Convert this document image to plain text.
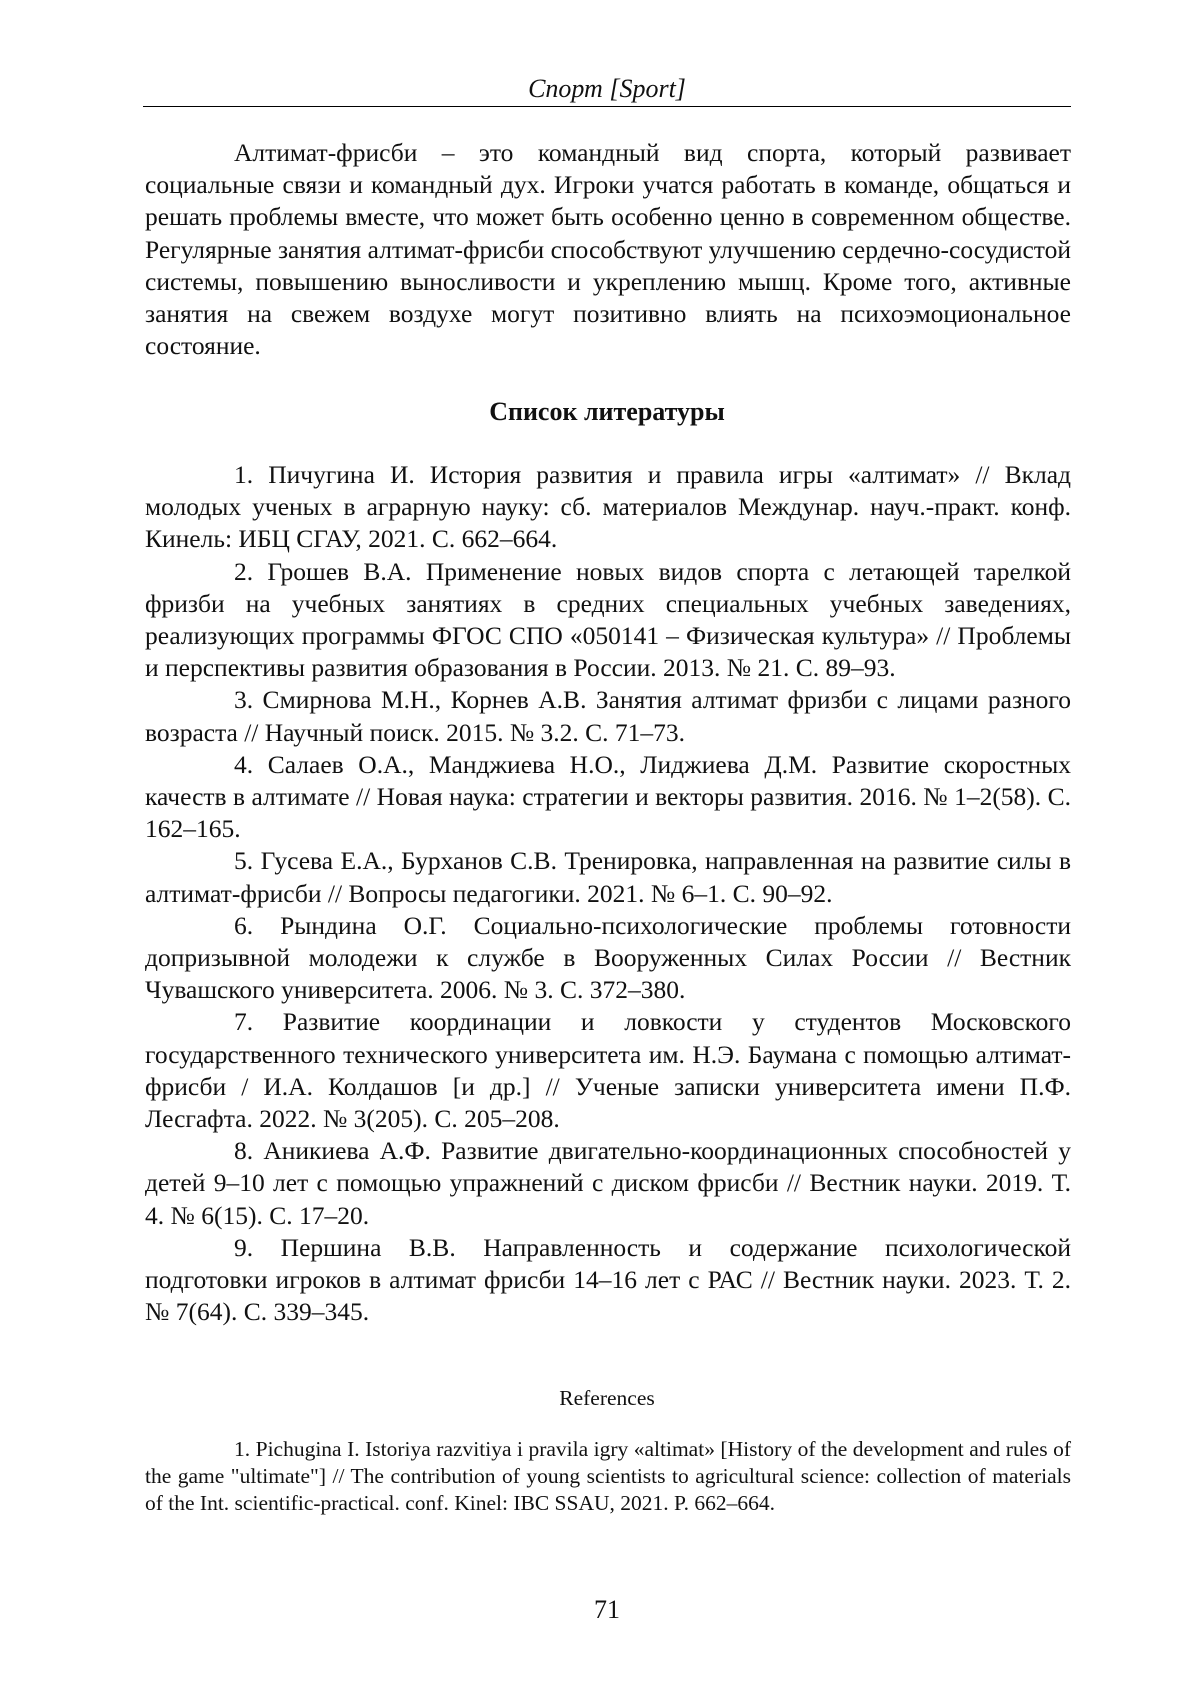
Спорт [Sport]

Алтимат-фрисби – это командный вид спорта, который развивает социальные связи и командный дух. Игроки учатся работать в команде, общаться и решать проблемы вместе, что может быть особенно ценно в современном обществе. Регулярные занятия алтимат-фрисби способствуют улучшению сердечно-сосудистой системы, повышению выносливости и укреплению мышц. Кроме того, активные занятия на свежем воздухе могут позитивно влиять на психоэмоциональное состояние.

Список литературы

1. Пичугина И. История развития и правила игры «алтимат» // Вклад молодых ученых в аграрную науку: сб. материалов Междунар. науч.-практ. конф. Кинель: ИБЦ СГАУ, 2021. С. 662–664.

2. Грошев В.А. Применение новых видов спорта с летающей тарелкой фризби на учебных занятиях в средних специальных учебных заведениях, реализующих программы ФГОС СПО «050141 – Физическая культура» // Проблемы и перспективы развития образования в России. 2013. № 21. С. 89–93.

3. Смирнова М.Н., Корнев А.В. Занятия алтимат фризби с лицами разного возраста // Научный поиск. 2015. № 3.2. С. 71–73.

4. Салаев О.А., Манджиева Н.О., Лиджиева Д.М. Развитие скоростных качеств в алтимате // Новая наука: стратегии и векторы развития. 2016. № 1–2(58). С. 162–165.

5. Гусева Е.А., Бурханов С.В. Тренировка, направленная на развитие силы в алтимат-фрисби // Вопросы педагогики. 2021. № 6–1. С. 90–92.

6. Рындина О.Г. Социально-психологические проблемы готовности допризывной молодежи к службе в Вооруженных Силах России // Вестник Чувашского университета. 2006. № 3. С. 372–380.

7. Развитие координации и ловкости у студентов Московского государственного технического университета им. Н.Э. Баумана с помощью алтимат-фрисби / И.А. Колдашов [и др.] // Ученые записки университета имени П.Ф. Лесгафта. 2022. № 3(205). С. 205–208.

8. Аникиева А.Ф. Развитие двигательно-координационных способностей у детей 9–10 лет с помощью упражнений с диском фрисби // Вестник науки. 2019. Т. 4. № 6(15). С. 17–20.

9. Першина В.В. Направленность и содержание психологической подготовки игроков в алтимат фрисби 14–16 лет с РАС // Вестник науки. 2023. Т. 2. № 7(64). С. 339–345.

References

1. Pichugina I. Istoriya razvitiya i pravila igry «altimat» [History of the development and rules of the game "ultimate"] // The contribution of young scientists to agricultural science: collection of materials of the Int. scientific-practical. conf. Kinel: IBC SSAU, 2021. P. 662–664.

71
